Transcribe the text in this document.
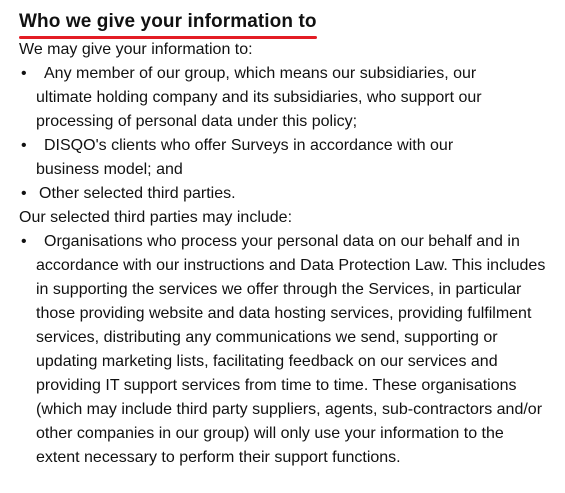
Who we give your information to

We may give your information to:

•	Any member of our group, which means our subsidiaries, our ultimate holding company and its subsidiaries, who support our processing of personal data under this policy;
•	DISQO's clients who offer Surveys in accordance with our business model; and
• Other selected third parties.

Our selected third parties may include:

•	Organisations who process your personal data on our behalf and in accordance with our instructions and Data Protection Law. This includes in supporting the services we offer through the Services, in particular those providing website and data hosting services, providing fulfilment services, distributing any communications we send, supporting or updating marketing lists, facilitating feedback on our services and providing IT support services from time to time. These organisations (which may include third party suppliers, agents, sub-contractors and/or other companies in our group) will only use your information to the extent necessary to perform their support functions.
